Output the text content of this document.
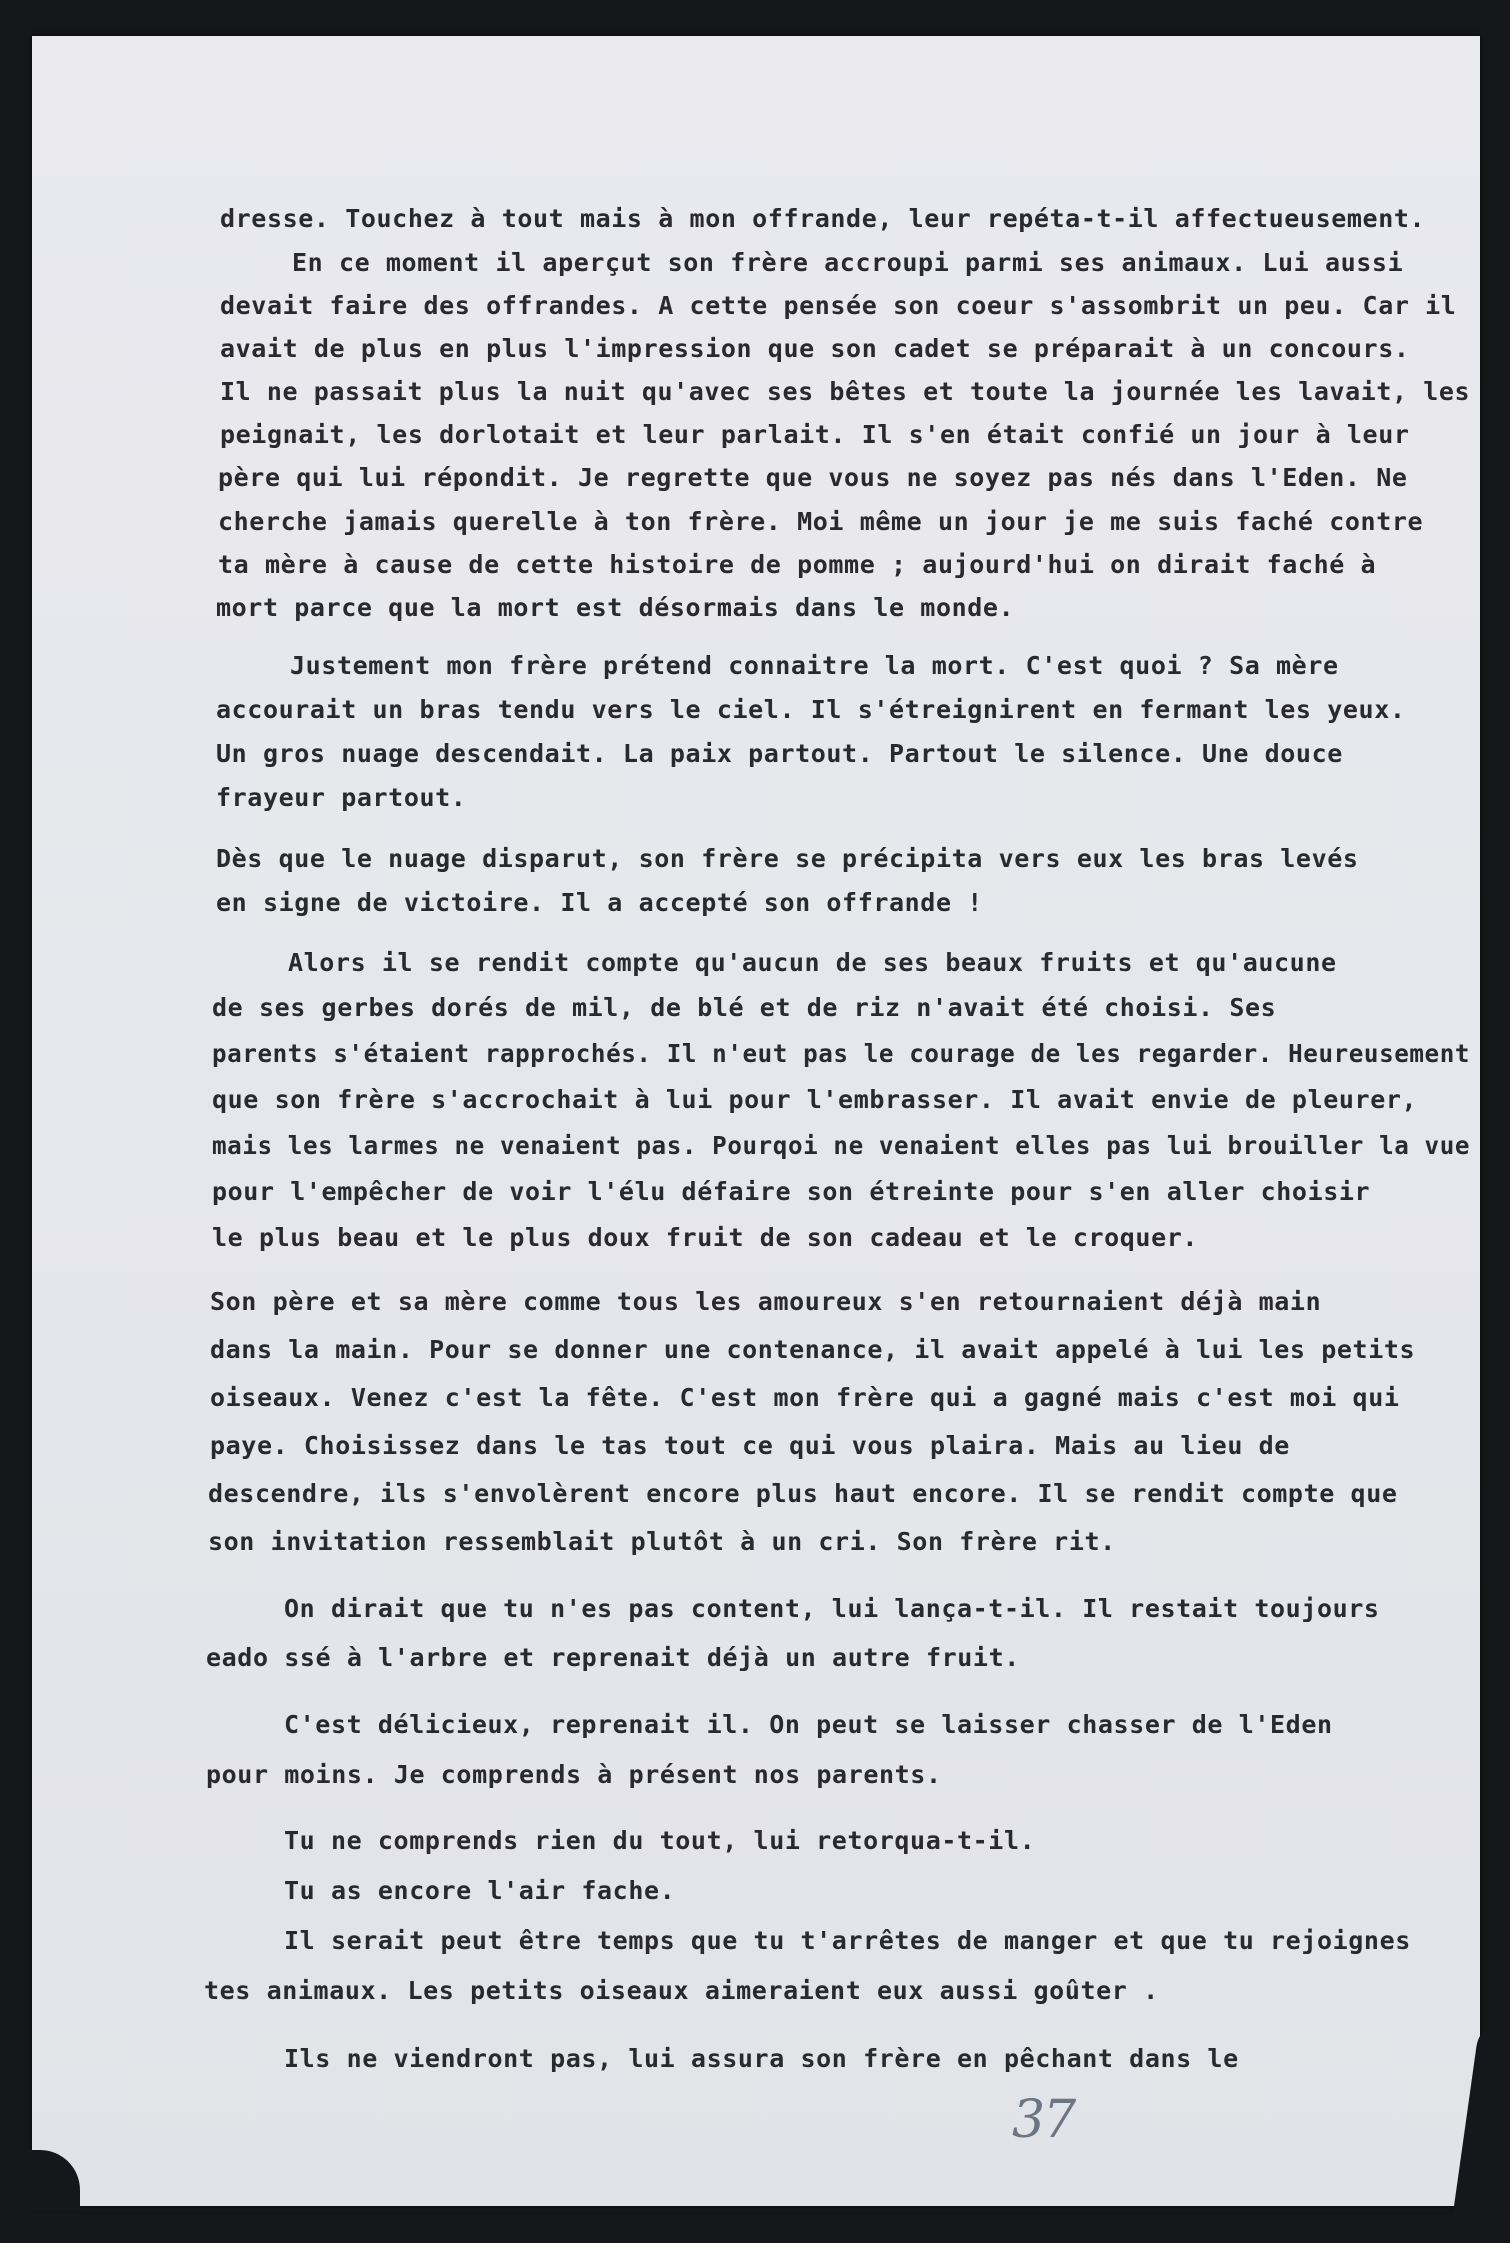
dresse. Touchez à tout mais à mon offrande, leur repéta-t-il affectueusement.
En ce moment il aperçut son frère accroupi parmi ses animaux. Lui aussi
devait faire des offrandes. A cette pensée son coeur s'assombrit un peu. Car il
avait de plus en plus l'impression que son cadet se préparait à un concours.
Il ne passait plus la nuit qu'avec ses bêtes et toute la journée les lavait, les
peignait, les dorlotait et leur parlait. Il s'en était confié un jour à leur
père qui lui répondit. Je regrette que vous ne soyez pas nés dans l'Eden. Ne
cherche jamais querelle à ton frère. Moi même un jour je me suis faché contre
ta mère à cause de cette histoire de pomme ; aujourd'hui on dirait faché à
mort parce que la mort est désormais dans le monde.
Justement mon frère prétend connaitre la mort. C'est quoi ? Sa mère
accourait un bras tendu vers le ciel. Il s'étreignirent en fermant les yeux.
Un gros nuage descendait. La paix partout. Partout le silence. Une douce
frayeur partout.
Dès que le nuage disparut, son frère se précipita vers eux les bras levés
en signe de victoire. Il a accepté son offrande !
Alors il se rendit compte qu'aucun de ses beaux fruits et qu'aucune
de ses gerbes dorés de mil, de blé et de riz n'avait été choisi. Ses
parents s'étaient rapprochés. Il n'eut pas le courage de les regarder. Heureusement
que son frère s'accrochait à lui pour l'embrasser. Il avait envie de pleurer,
mais les larmes ne venaient pas. Pourqoi ne venaient elles pas lui brouiller la vue
pour l'empêcher de voir l'élu défaire son étreinte pour s'en aller choisir
le plus beau et le plus doux fruit de son cadeau et le croquer.
Son père et sa mère comme tous les amoureux s'en retournaient déjà main
dans la main. Pour se donner une contenance, il avait appelé à lui les petits
oiseaux. Venez c'est la fête. C'est mon frère qui a gagné mais c'est moi qui
paye. Choisissez dans le tas tout ce qui vous plaira. Mais au lieu de
descendre, ils s'envolèrent encore plus haut encore. Il se rendit compte que
son invitation ressemblait plutôt à un cri. Son frère rit.
On dirait que tu n'es pas content, lui lança-t-il. Il restait toujours
eado ssé à l'arbre et reprenait déjà un autre fruit.
C'est délicieux, reprenait il. On peut se laisser chasser de l'Eden
pour moins. Je comprends à présent nos parents.
Tu ne comprends rien du tout, lui retorqua-t-il.
Tu as encore l'air fache.
Il serait peut être temps que tu t'arrêtes de manger et que tu rejoignes
tes animaux. Les petits oiseaux aimeraient eux aussi goûter .
Ils ne viendront pas, lui assura son frère en pêchant dans le
37
